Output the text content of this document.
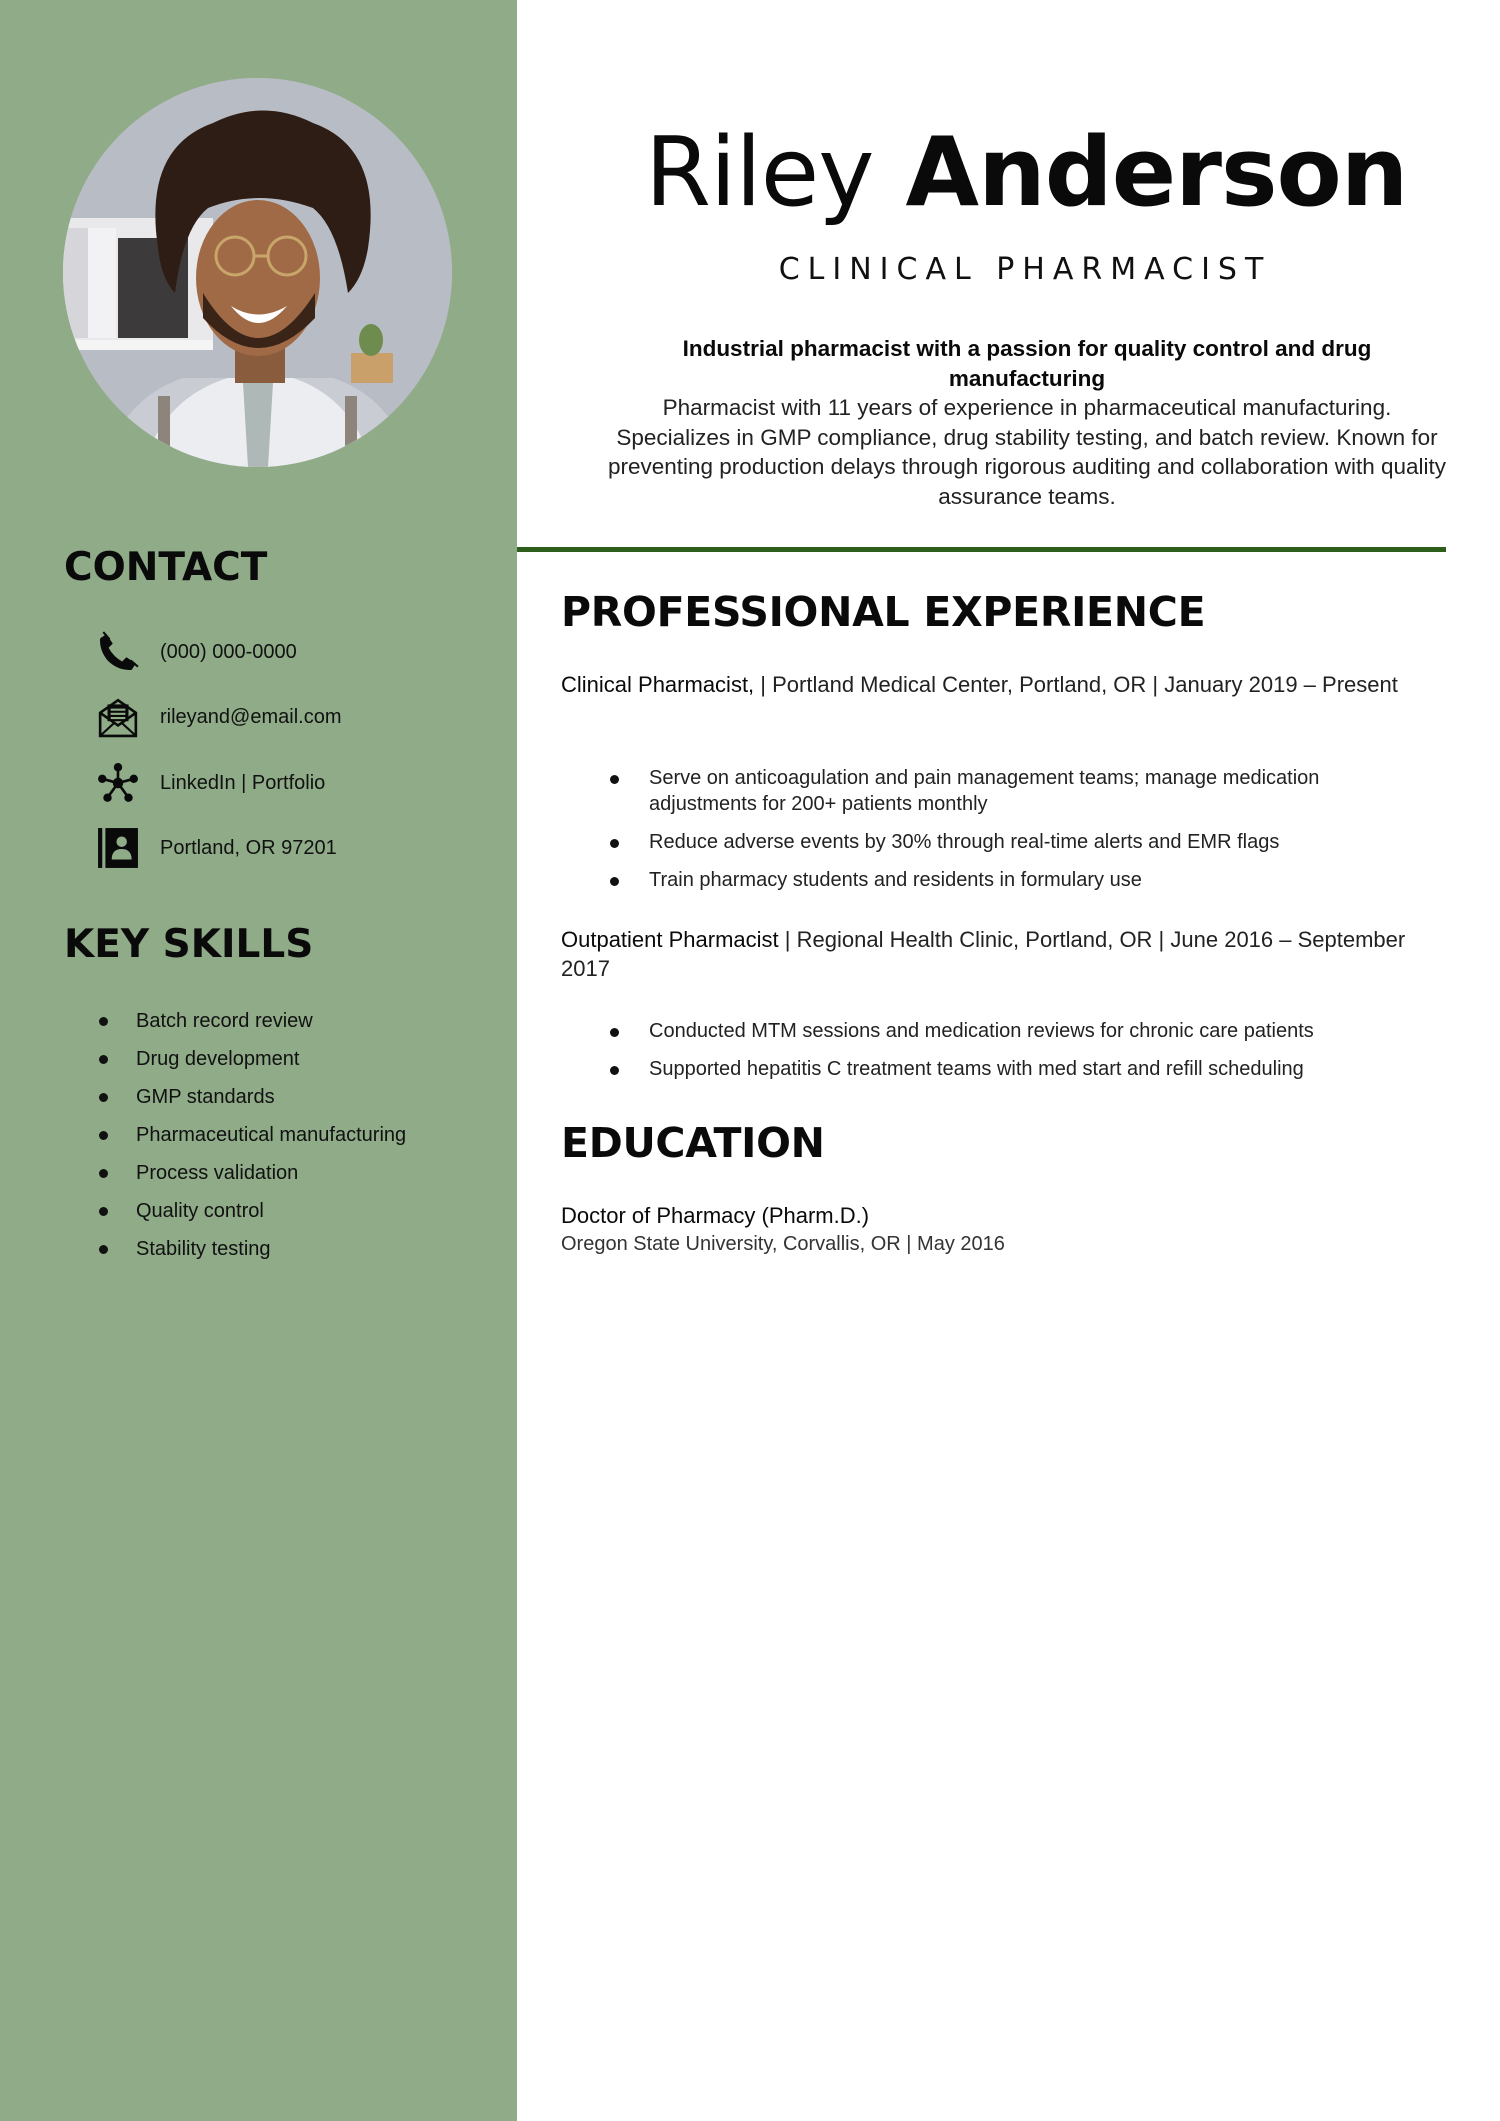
CONTACT
(000) 000-0000
rileyand@email.com
LinkedIn | Portfolio
Portland, OR 97201
KEY SKILLS
Batch record review
Drug development
GMP standards
Pharmaceutical manufacturing
Process validation
Quality control
Stability testing
Riley Anderson
CLINICAL PHARMACIST
Industrial pharmacist with a passion for quality control and drug manufacturing
Pharmacist with 11 years of experience in pharmaceutical manufacturing. Specializes in GMP compliance, drug stability testing, and batch review. Known for preventing production delays through rigorous auditing and collaboration with quality assurance teams.
PROFESSIONAL EXPERIENCE
Clinical Pharmacist, | Portland Medical Center, Portland, OR | January 2019 – Present
Serve on anticoagulation and pain management teams; manage medication adjustments for 200+ patients monthly
Reduce adverse events by 30% through real-time alerts and EMR flags
Train pharmacy students and residents in formulary use
Outpatient Pharmacist | Regional Health Clinic, Portland, OR | June 2016 – September 2017
Conducted MTM sessions and medication reviews for chronic care patients
Supported hepatitis C treatment teams with med start and refill scheduling
EDUCATION
Doctor of Pharmacy (Pharm.D.)
Oregon State University, Corvallis, OR | May 2016
